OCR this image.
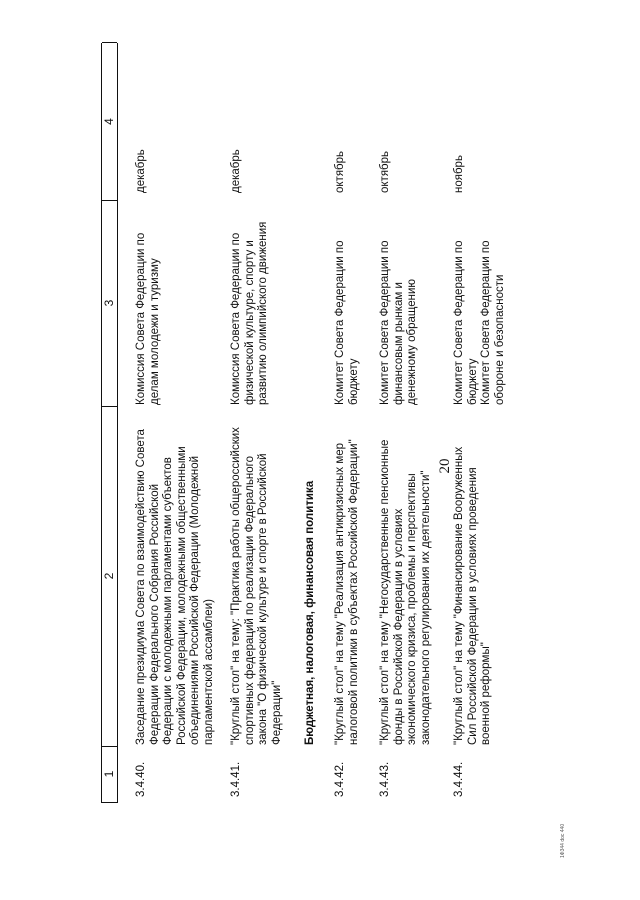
20
1Ф344 doc 440
1
2
3
4
3.4.40.
Заседание президиума Совета по взаимодействию Совета Федерации Федерального Собрания Российской Федерации с молодежными парламентами субъектов Российской Федерации, молодежными общественными объединениями Российской Федерации (Молодежной парламентской ассамблеи)
Комиссия Совета Федерации по делам молодежи и туризму
декабрь
3.4.41.
"Круглый стол" на тему: "Практика работы общероссийских спортивных федераций по реализации Федерального закона "О физической культуре и спорте в Российской Федерации"
Комиссия Совета Федерации по физической культуре, спорту и развитию олимпийского движения
декабрь
Бюджетная, налоговая, финансовая политика
3.4.42.
"Круглый стол" на тему "Реализация антикризисных мер налоговой политики в субъектах Российской Федерации"
Комитет Совета Федерации по бюджету
октябрь
3.4.43.
"Круглый стол" на тему "Негосударственные пенсионные фонды в Российской Федерации в условиях экономического кризиса, проблемы и перспективы законодательного регулирования их деятельности"
Комитет Совета Федерации по финансовым рынкам и денежному обращению
октябрь
3.4.44.
"Круглый стол" на тему "Финансирование Вооруженных Сил Российской Федерации в условиях проведения военной реформы"
Комитет Совета Федерации по бюджету
Комитет Совета Федерации по обороне и безопасности
ноябрь
